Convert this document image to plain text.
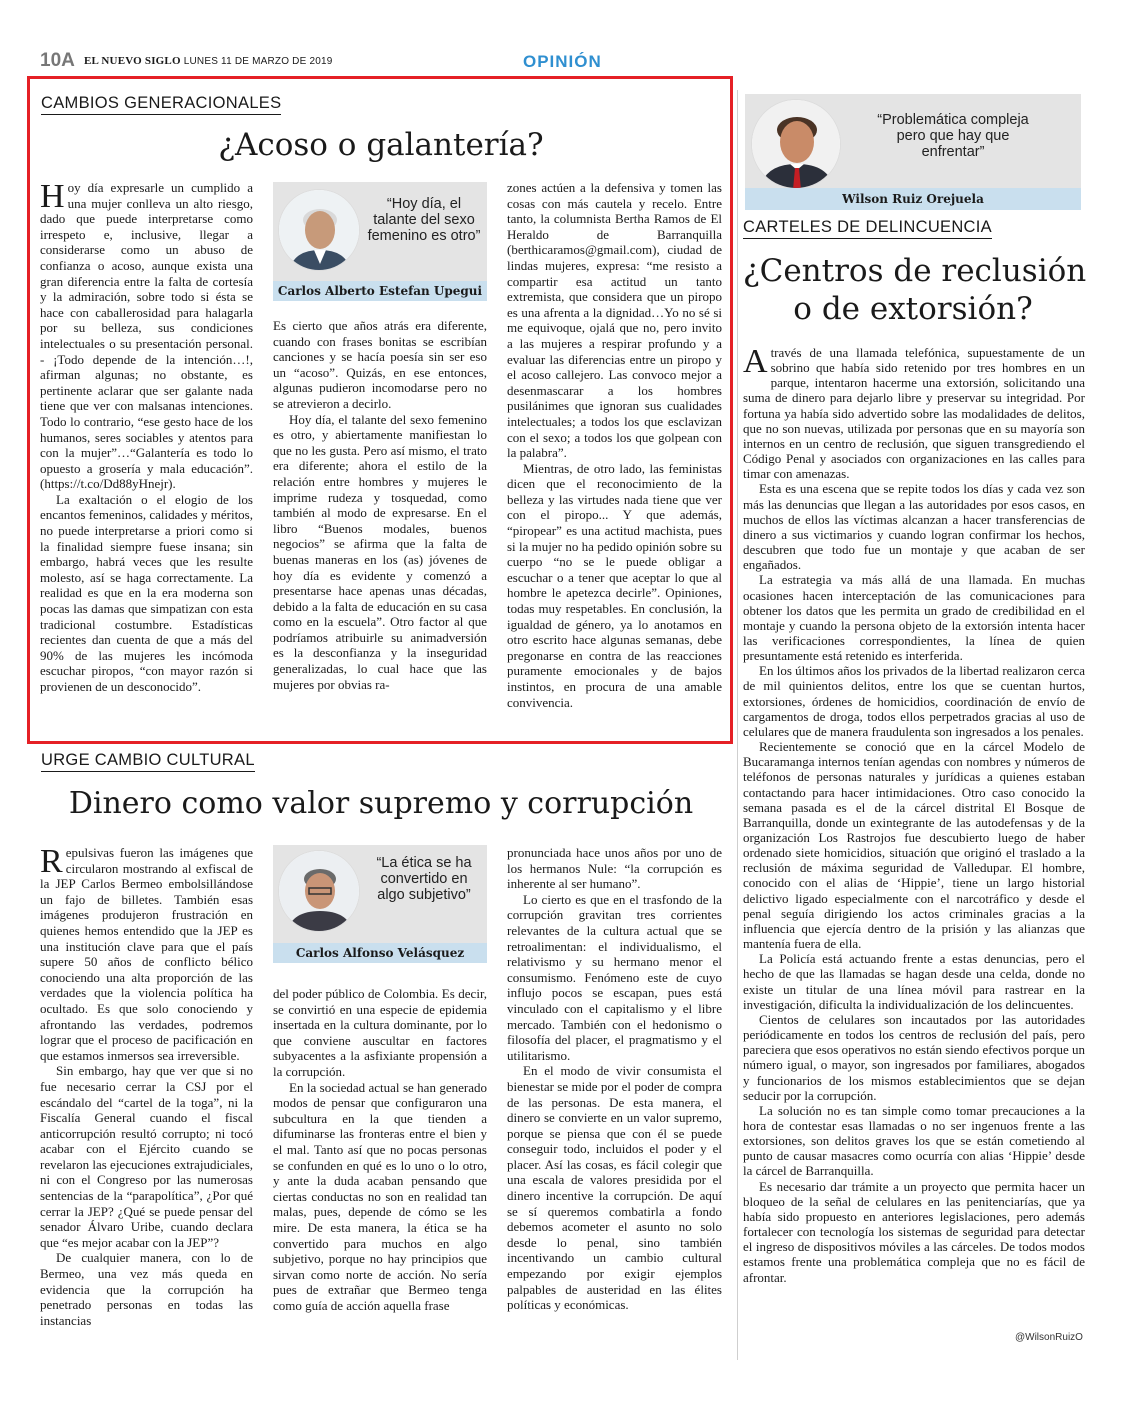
10A EL NUEVO SIGLO LUNES 11 DE MARZO DE 2019	OPINIÓN
CAMBIOS GENERACIONALES
¿Acoso o galantería?

Hoy día expresarle un cumplido a una mujer conlleva un alto riesgo, dado que puede interpretarse como irrespeto e, inclusive, llegar a considerarse como un abuso de confianza o acoso, aunque exista una gran diferencia entre la falta de cortesía y la admiración, sobre todo si ésta se hace con caballerosidad para halagarla por su belleza, sus condiciones intelectuales o su presentación personal. - ¡Todo depende de la intención…!, afirman algunas; no obstante, es pertinente aclarar que ser galante nada tiene que ver con malsanas intenciones. Todo lo contrario, “ese gesto hace de los humanos, seres sociables y atentos para con la mujer”…“Galantería es todo lo opuesto a grosería y mala educación”. (https://t.co/Dd88yHnejr).

La exaltación o el elogio de los encantos femeninos, calidades y méritos, no puede interpretarse a priori como si la finalidad siempre fuese insana; sin embargo, habrá veces que les resulte molesto, así se haga correctamente. La realidad es que en la era moderna son pocas las damas que simpatizan con esta tradicional costumbre. Estadísticas recientes dan cuenta de que a más del 90% de las mujeres les incómoda escuchar piropos, “con mayor razón si provienen de un desconocido”.

“Hoy día, el talante del sexo femenino es otro”
Carlos Alberto Estefan Upegui

Es cierto que años atrás era diferente, cuando con frases bonitas se escribían canciones y se hacía poesía sin ser eso un “acoso”. Quizás, en ese entonces, algunas pudieron incomodarse pero no se atrevieron a decirlo.

Hoy día, el talante del sexo femenino es otro, y abiertamente manifiestan lo que no les gusta. Pero así mismo, el trato era diferente; ahora el estilo de la relación entre hombres y mujeres le imprime rudeza y tosquedad, como también al modo de expresarse. En el libro “Buenos modales, buenos negocios” se afirma que la falta de buenas maneras en los (as) jóvenes de hoy día es evidente y comenzó a presentarse hace apenas unas décadas, debido a la falta de educación en su casa como en la escuela”. Otro factor al que podríamos atribuirle su animadversión es la desconfianza y la inseguridad generalizadas, lo cual hace que las mujeres por obvias ra-

zones actúen a la defensiva y tomen las cosas con más cautela y recelo. Entre tanto, la columnista Bertha Ramos de El Heraldo de Barranquilla (berthicaramos@gmail.com), ciudad de lindas mujeres, expresa: “me resisto a compartir esa actitud un tanto extremista, que considera que un piropo es una afrenta a la dignidad…Yo no sé si me equivoque, ojalá que no, pero invito a las mujeres a respirar profundo y a evaluar las diferencias entre un piropo y el acoso callejero. Las convoco mejor a desenmascarar a los hombres pusilánimes que ignoran sus cualidades intelectuales; a todos los que esclavizan con el sexo; a todos los que golpean con la palabra”.

Mientras, de otro lado, las feministas dicen que el reconocimiento de la belleza y las virtudes nada tiene que ver con el piropo... Y que además, “piropear” es una actitud machista, pues si la mujer no ha pedido opinión sobre su cuerpo “no se le puede obligar a escuchar o a tener que aceptar lo que al hombre le apetezca decirle”. Opiniones, todas muy respetables. En conclusión, la igualdad de género, ya lo anotamos en otro escrito hace algunas semanas, debe pregonarse en contra de las reacciones puramente emocionales y de bajos instintos, en procura de una amable convivencia.

URGE CAMBIO CULTURAL
Dinero como valor supremo y corrupción

Repulsivas fueron las imágenes que circularon mostrando al exfiscal de la JEP Carlos Bermeo embolsillándose un fajo de billetes. También esas imágenes produjeron frustración en quienes hemos entendido que la JEP es una institución clave para que el país supere 50 años de conflicto bélico conociendo una alta proporción de las verdades que la violencia política ha ocultado. Es que solo conociendo y afrontando las verdades, podremos lograr que el proceso de pacificación en que estamos inmersos sea irreversible.

Sin embargo, hay que ver que si no fue necesario cerrar la CSJ por el escándalo del “cartel de la toga”, ni la Fiscalía General cuando el fiscal anticorrupción resultó corrupto; ni tocó acabar con el Ejército cuando se revelaron las ejecuciones extrajudiciales, ni con el Congreso por las numerosas sentencias de la “parapolítica”, ¿Por qué cerrar la JEP? ¿Qué se puede pensar del senador Álvaro Uribe, cuando declara que “es mejor acabar con la JEP”?

De cualquier manera, con lo de Bermeo, una vez más queda en evidencia que la corrupción ha penetrado personas en todas las instancias

“La ética se ha convertido en algo subjetivo”
Carlos Alfonso Velásquez

del poder público de Colombia. Es decir, se convirtió en una especie de epidemia insertada en la cultura dominante, por lo que conviene auscultar en factores subyacentes a la asfixiante propensión a la corrupción.

En la sociedad actual se han generado modos de pensar que configuraron una subcultura en la que tienden a difuminarse las fronteras entre el bien y el mal. Tanto así que no pocas personas se confunden en qué es lo uno o lo otro, y ante la duda acaban pensando que ciertas conductas no son en realidad tan malas, pues, depende de cómo se les mire. De esta manera, la ética se ha convertido para muchos en algo subjetivo, porque no hay principios que sirvan como norte de acción. No sería pues de extrañar que Bermeo tenga como guía de acción aquella frase

pronunciada hace unos años por uno de los hermanos Nule: “la corrupción es inherente al ser humano”.

Lo cierto es que en el trasfondo de la corrupción gravitan tres corrientes relevantes de la cultura actual que se retroalimentan: el individualismo, el relativismo y su hermano menor el consumismo. Fenómeno este de cuyo influjo pocos se escapan, pues está vinculado con el capitalismo y el libre mercado. También con el hedonismo o filosofía del placer, el pragmatismo y el utilitarismo.

En el modo de vivir consumista el bienestar se mide por el poder de compra de las personas. De esta manera, el dinero se convierte en un valor supremo, porque se piensa que con él se puede conseguir todo, incluidos el poder y el placer. Así las cosas, es fácil colegir que una escala de valores presidida por el dinero incentive la corrupción. De aquí se sí queremos combatirla a fondo debemos acometer el asunto no solo desde lo penal, sino también incentivando un cambio cultural empezando por exigir ejemplos palpables de austeridad en las élites políticas y económicas.

“Problemática compleja pero que hay que enfrentar”
Wilson Ruiz Orejuela
CARTELES DE DELINCUENCIA
¿Centros de reclusión
o de extorsión?

Através de una llamada telefónica, supuestamente de un sobrino que había sido retenido por tres hombres en un parque, intentaron hacerme una extorsión, solicitando una suma de dinero para dejarlo libre y preservar su integridad. Por fortuna ya había sido advertido sobre las modalidades de delitos, que no son nuevas, utilizada por personas que en su mayoría son internos en un centro de reclusión, que siguen transgrediendo el Código Penal y asociados con organizaciones en las calles para timar con amenazas.

Esta es una escena que se repite todos los días y cada vez son más las denuncias que llegan a las autoridades por esos casos, en muchos de ellos las víctimas alcanzan a hacer transferencias de dinero a sus victimarios y cuando logran confirmar los hechos, descubren que todo fue un montaje y que acaban de ser engañados.

La estrategia va más allá de una llamada. En muchas ocasiones hacen interceptación de las comunicaciones para obtener los datos que les permita un grado de credibilidad en el montaje y cuando la persona objeto de la extorsión intenta hacer las verificaciones correspondientes, la línea de quien presuntamente está retenido es interferida.

En los últimos años los privados de la libertad realizaron cerca de mil quinientos delitos, entre los que se cuentan hurtos, extorsiones, órdenes de homicidios, coordinación de envío de cargamentos de droga, todos ellos perpetrados gracias al uso de celulares que de manera fraudulenta son ingresados a los penales.

Recientemente se conoció que en la cárcel Modelo de Bucaramanga internos tenían agendas con nombres y números de teléfonos de personas naturales y jurídicas a quienes estaban contactando para hacer intimidaciones. Otro caso conocido la semana pasada es el de la cárcel distrital El Bosque de Barranquilla, donde un exintegrante de las autodefensas y de la organización Los Rastrojos fue descubierto luego de haber ordenado siete homicidios, situación que originó el traslado a la reclusión de máxima seguridad de Valledupar. El hombre, conocido con el alias de ‘Hippie’, tiene un largo historial delictivo ligado especialmente con el narcotráfico y desde el penal seguía dirigiendo los actos criminales gracias a la influencia que ejercía dentro de la prisión y las alianzas que mantenía fuera de ella.

La Policía está actuando frente a estas denuncias, pero el hecho de que las llamadas se hagan desde una celda, donde no existe un titular de una línea móvil para rastrear en la investigación, dificulta la individualización de los delincuentes.

Cientos de celulares son incautados por las autoridades periódicamente en todos los centros de reclusión del país, pero pareciera que esos operativos no están siendo efectivos porque un número igual, o mayor, son ingresados por familiares, abogados y funcionarios de los mismos establecimientos que se dejan seducir por la corrupción.

La solución no es tan simple como tomar precauciones a la hora de contestar esas llamadas o no ser ingenuos frente a las extorsiones, son delitos graves los que se están cometiendo al punto de causar masacres como ocurría con alias ‘Hippie’ desde la cárcel de Barranquilla.

Es necesario dar trámite a un proyecto que permita hacer un bloqueo de la señal de celulares en las penitenciarías, que ya había sido propuesto en anteriores legislaciones, pero además fortalecer con tecnología los sistemas de seguridad para detectar el ingreso de dispositivos móviles a las cárceles. De todos modos estamos frente una problemática compleja que no es fácil de afrontar.

@WilsonRuizO
